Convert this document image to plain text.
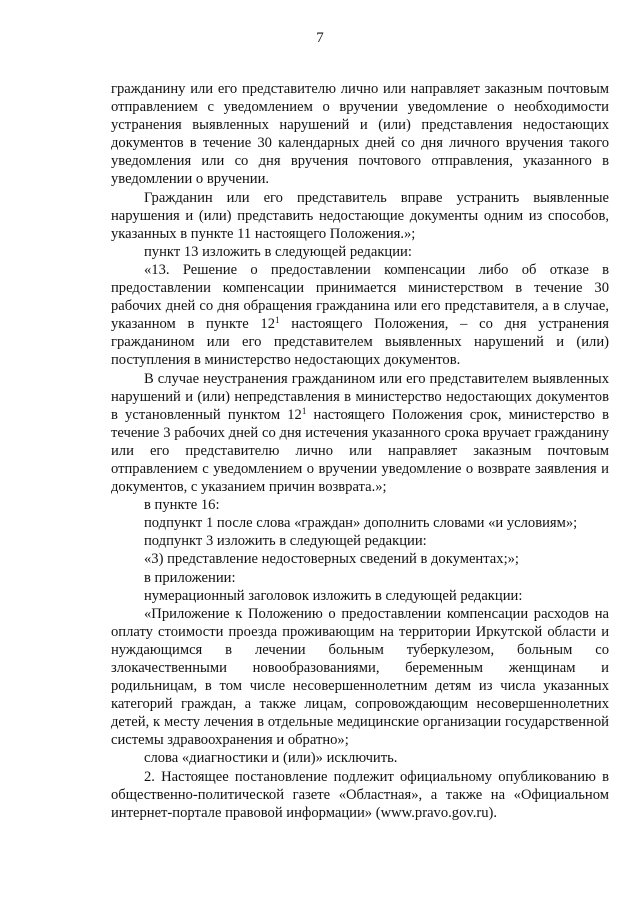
7

гражданину или его представителю лично или направляет заказным почтовым отправлением с уведомлением о вручении уведомление о необходимости устранения выявленных нарушений и (или) представления недостающих документов в течение 30 календарных дней со дня личного вручения такого уведомления или со дня вручения почтового отправления, указанного в уведомлении о вручении.

Гражданин или его представитель вправе устранить выявленные нарушения и (или) представить недостающие документы одним из способов, указанных в пункте 11 настоящего Положения.»;

пункт 13 изложить в следующей редакции:

«13. Решение о предоставлении компенсации либо об отказе в предоставлении компенсации принимается министерством в течение 30 рабочих дней со дня обращения гражданина или его представителя, а в случае, указанном в пункте $12^1$ настоящего Положения, – со дня устранения гражданином или его представителем выявленных нарушений и (или) поступления в министерство недостающих документов.

В случае неустранения гражданином или его представителем выявленных нарушений и (или) непредставления в министерство недостающих документов в установленный пунктом $12^1$ настоящего Положения срок, министерство в течение 3 рабочих дней со дня истечения указанного срока вручает гражданину или его представителю лично или направляет заказным почтовым отправлением с уведомлением о вручении уведомление о возврате заявления и документов, с указанием причин возврата.»;

в пункте 16:

подпункт 1 после слова «граждан» дополнить словами «и условиям»;

подпункт 3 изложить в следующей редакции:

«3) представление недостоверных сведений в документах;»;

в приложении:

нумерационный заголовок изложить в следующей редакции:

«Приложение к Положению о предоставлении компенсации расходов на оплату стоимости проезда проживающим на территории Иркутской области и нуждающимся в лечении больным туберкулезом, больным со злокачественными новообразованиями, беременным женщинам и родильницам, в том числе несовершеннолетним детям из числа указанных категорий граждан, а также лицам, сопровождающим несовершеннолетних детей, к месту лечения в отдельные медицинские организации государственной системы здравоохранения и обратно»;

слова «диагностики и (или)» исключить.

2. Настоящее постановление подлежит официальному опубликованию в общественно-политической газете «Областная», а также на «Официальном интернет-портале правовой информации» (www.pravo.gov.ru).
